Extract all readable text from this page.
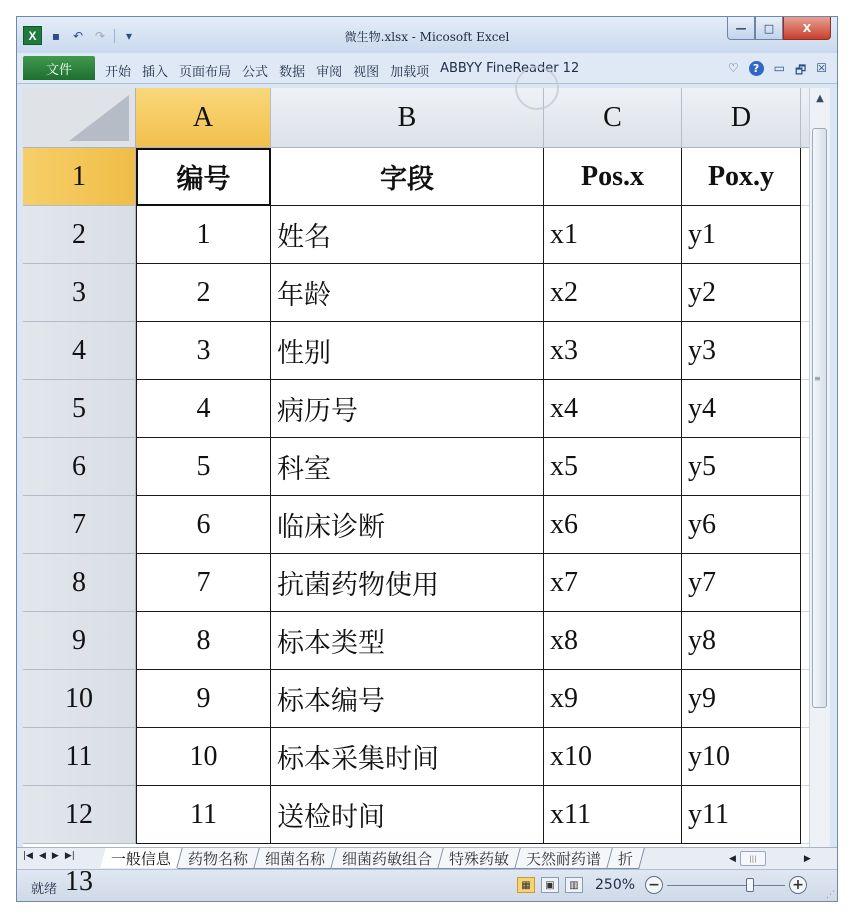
X	▪	↶ ↷	▾	微生物.xlsx - Micosoft Excel
—	□	X
文件	开始 插入 页面布局 公式 数据 审阅 视图 加载项 ABBYY FineReader 12	♡	?	▭ 🗗 ☒
A	B	C	D
1	编号	字段	Pos.x	Pox.y
2	1	姓名	x1	y1
3	2	年龄	x2	y2
4	3	性别	x3	y3
5	4	病历号	x4	y4
6	5	科室	x5	y5
7	6	临床诊断	x6	y6
8	7	抗菌药物使用	x7	y7
9	8	标本类型	x8	y8
10	9	标本编号	x9	y9
11	10	标本采集时间	x10	y10
12	11	送检时间	x11	y11
▲
≡
|◀ ◀ ▶ ▶| 一般信息 药物名称 细菌名称 细菌药敏组合 特殊药敏 天然耐药谱 折	◀	|||	▶
就绪 13	▦	▣	▥	250% −	+
⋰
